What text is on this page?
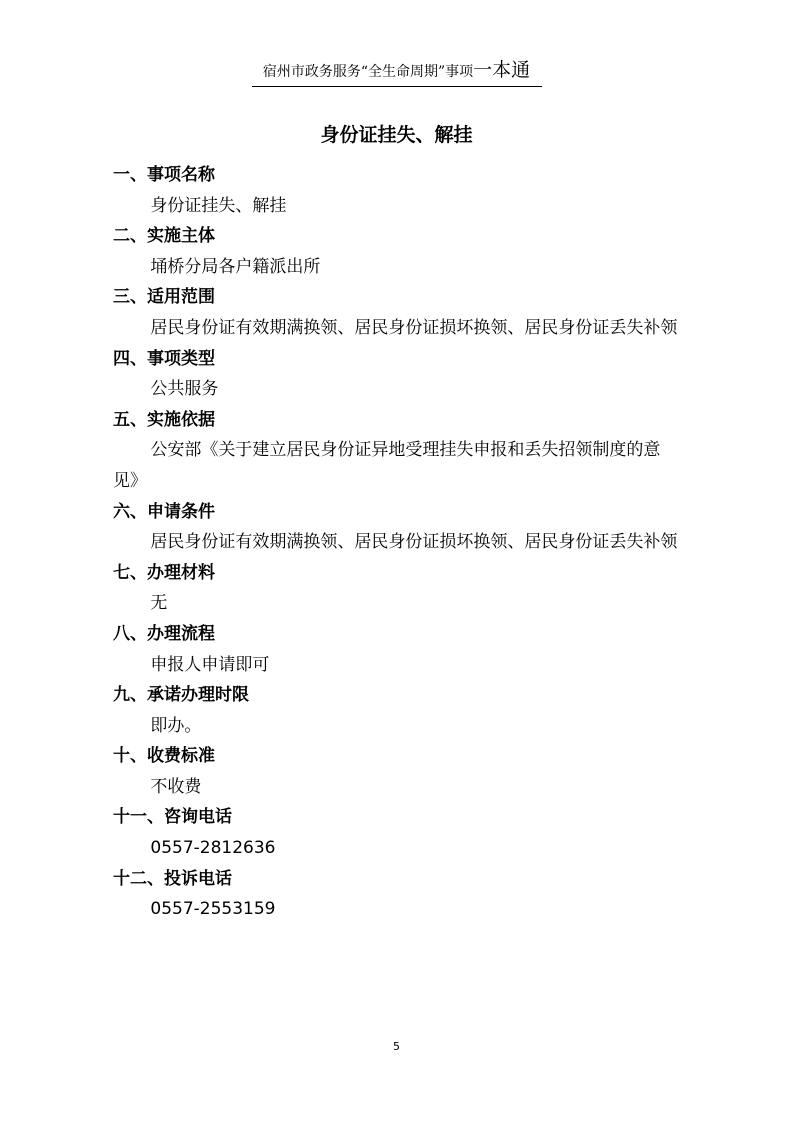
宿州市政务服务“全生命周期”事项一本通
身份证挂失、解挂

一、事项名称

身份证挂失、解挂

二、实施主体

埇桥分局各户籍派出所

三、适用范围

居民身份证有效期满换领、居民身份证损坏换领、居民身份证丢失补领

四、事项类型

公共服务

五、实施依据

公安部《关于建立居民身份证异地受理挂失申报和丢失招领制度的意见》

六、申请条件

居民身份证有效期满换领、居民身份证损坏换领、居民身份证丢失补领

七、办理材料

无

八、办理流程

申报人申请即可

九、承诺办理时限

即办。

十、收费标准

不收费

十一、咨询电话

0557-2812636

十二、投诉电话

0557-2553159

5
